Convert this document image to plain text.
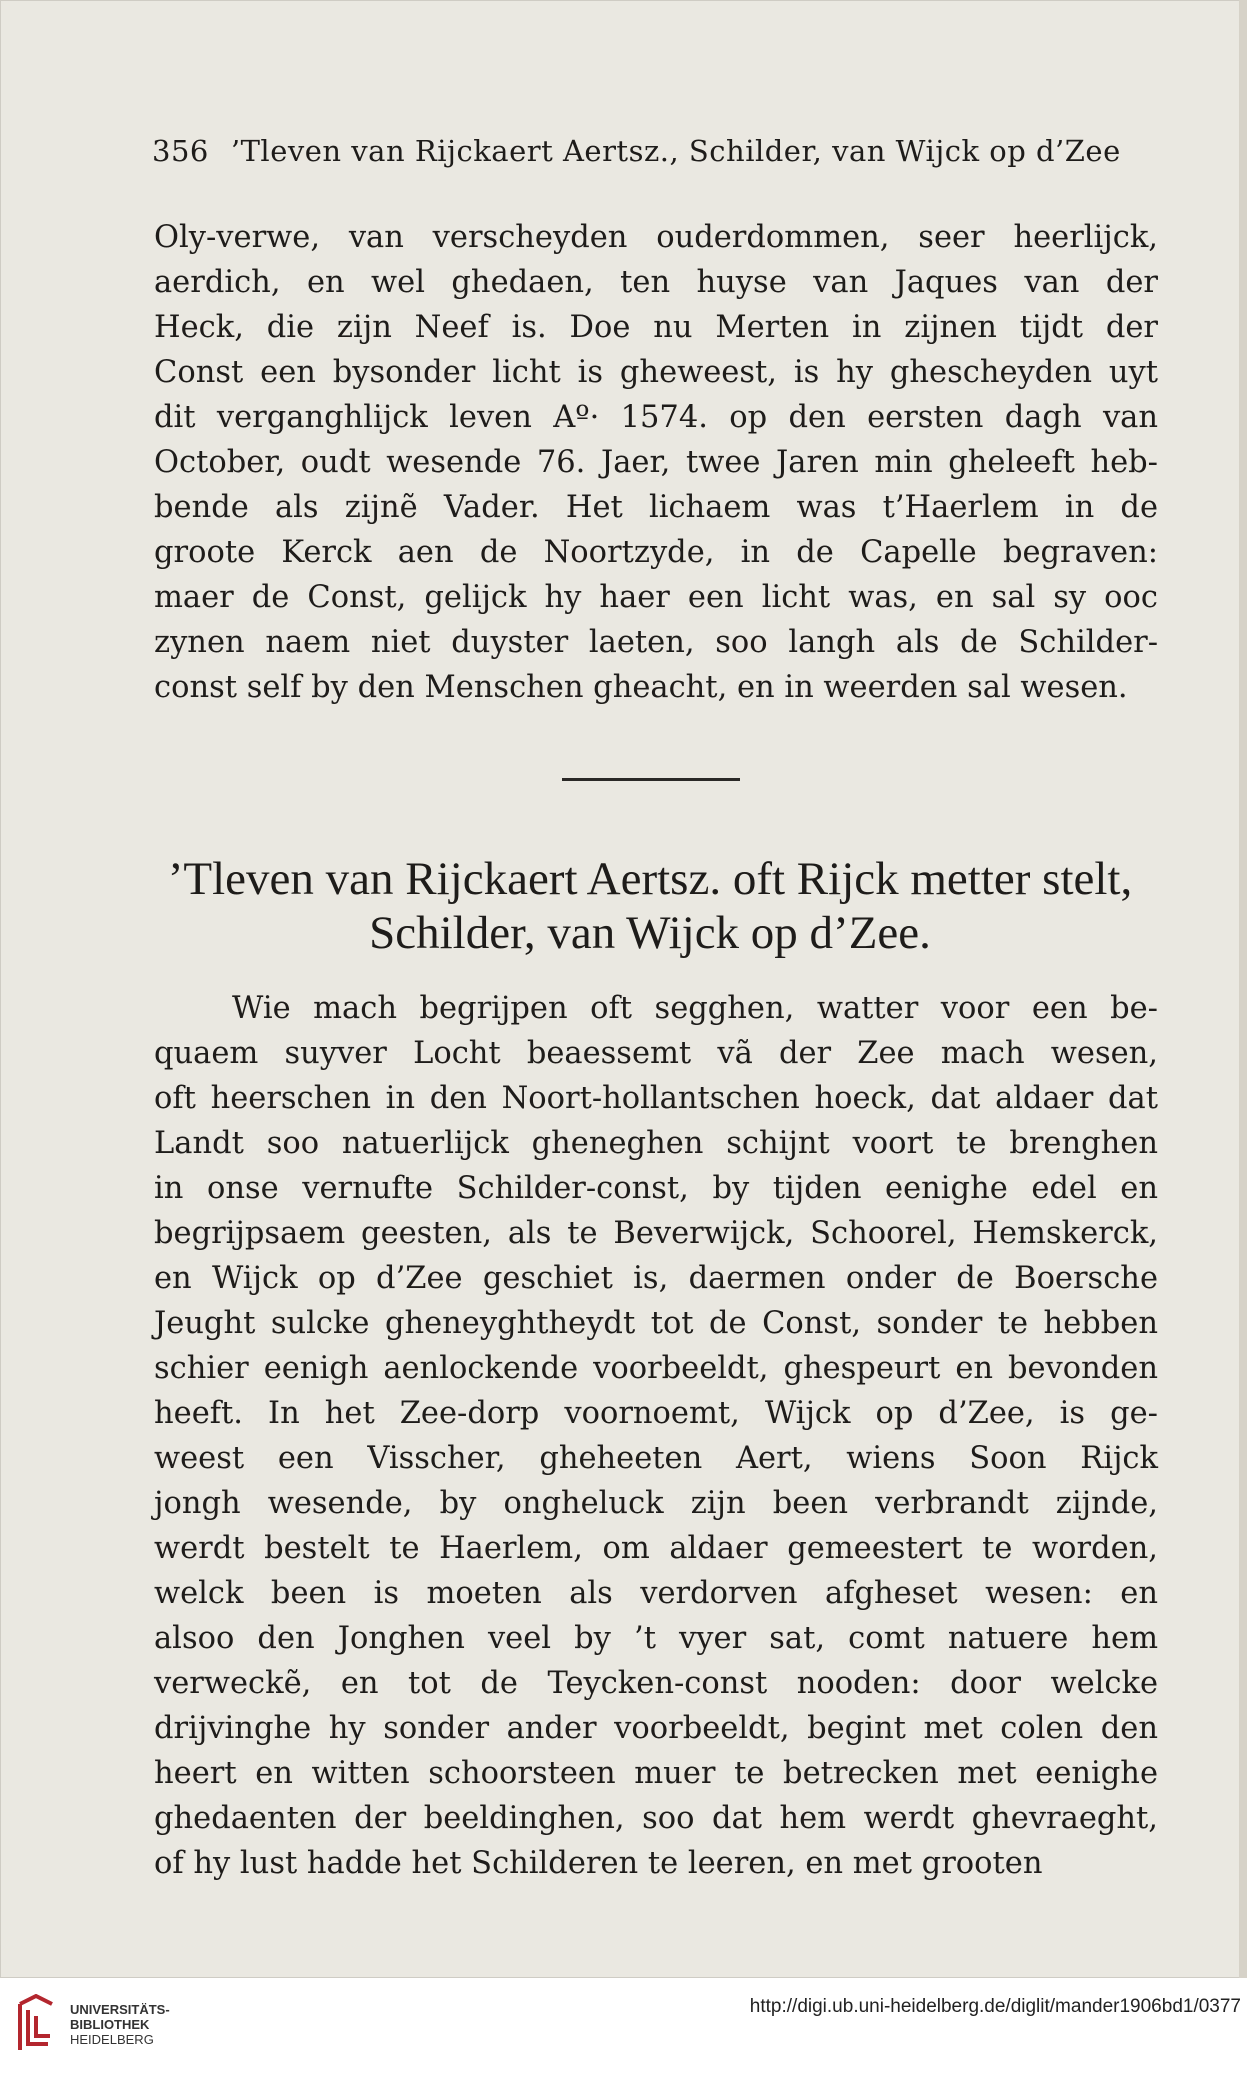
356 ’Tleven van Rijckaert Aertsz., Schilder, van Wijck op d’Zee
Oly-verwe, van verscheyden ouderdommen, seer heerlijck,
aerdich, en wel ghedaen, ten huyse van Jaques van der
Heck, die zijn Neef is. Doe nu Merten in zijnen tijdt der
Const een bysonder licht is gheweest, is hy ghescheyden uyt
dit verganghlijck leven Aº· 1574. op den eersten dagh van
October, oudt wesende 76. Jaer, twee Jaren min gheleeft heb-
bende als zijnẽ Vader. Het lichaem was t’Haerlem in de
groote Kerck aen de Noortzyde, in de Capelle begraven:
maer de Const, gelijck hy haer een licht was, en sal sy ooc
zynen naem niet duyster laeten, soo langh als de Schilder-
const self by den Menschen gheacht, en in weerden sal wesen.
’Tleven van Rijckaert Aertsz. oft Rijck metter stelt,
Schilder, van Wijck op d’Zee.
Wie mach begrijpen oft segghen, watter voor een be-
quaem suyver Locht beaessemt vã der Zee mach wesen,
oft heerschen in den Noort-hollantschen hoeck, dat aldaer dat
Landt soo natuerlijck gheneghen schijnt voort te brenghen
in onse vernufte Schilder-const, by tijden eenighe edel en
begrijpsaem geesten, als te Beverwijck, Schoorel, Hemskerck,
en Wijck op d’Zee geschiet is, daermen onder de Boersche
Jeught sulcke gheneyghtheydt tot de Const, sonder te hebben
schier eenigh aenlockende voorbeeldt, ghespeurt en bevonden
heeft. In het Zee-dorp voornoemt, Wijck op d’Zee, is ge-
weest een Visscher, gheheeten Aert, wiens Soon Rijck
jongh wesende, by ongheluck zijn been verbrandt zijnde,
werdt bestelt te Haerlem, om aldaer gemeestert te worden,
welck been is moeten als verdorven afgheset wesen: en
alsoo den Jonghen veel by ’t vyer sat, comt natuere hem
verweckẽ, en tot de Teycken-const nooden: door welcke
drijvinghe hy sonder ander voorbeeldt, begint met colen den
heert en witten schoorsteen muer te betrecken met eenighe
ghedaenten der beeldinghen, soo dat hem werdt ghevraeght,
of hy lust hadde het Schilderen te leeren, en met grooten
UNIVERSITÄTS-
BIBLIOTHEK
HEIDELBERG
http://digi.ub.uni-heidelberg.de/diglit/mander1906bd1/0377
